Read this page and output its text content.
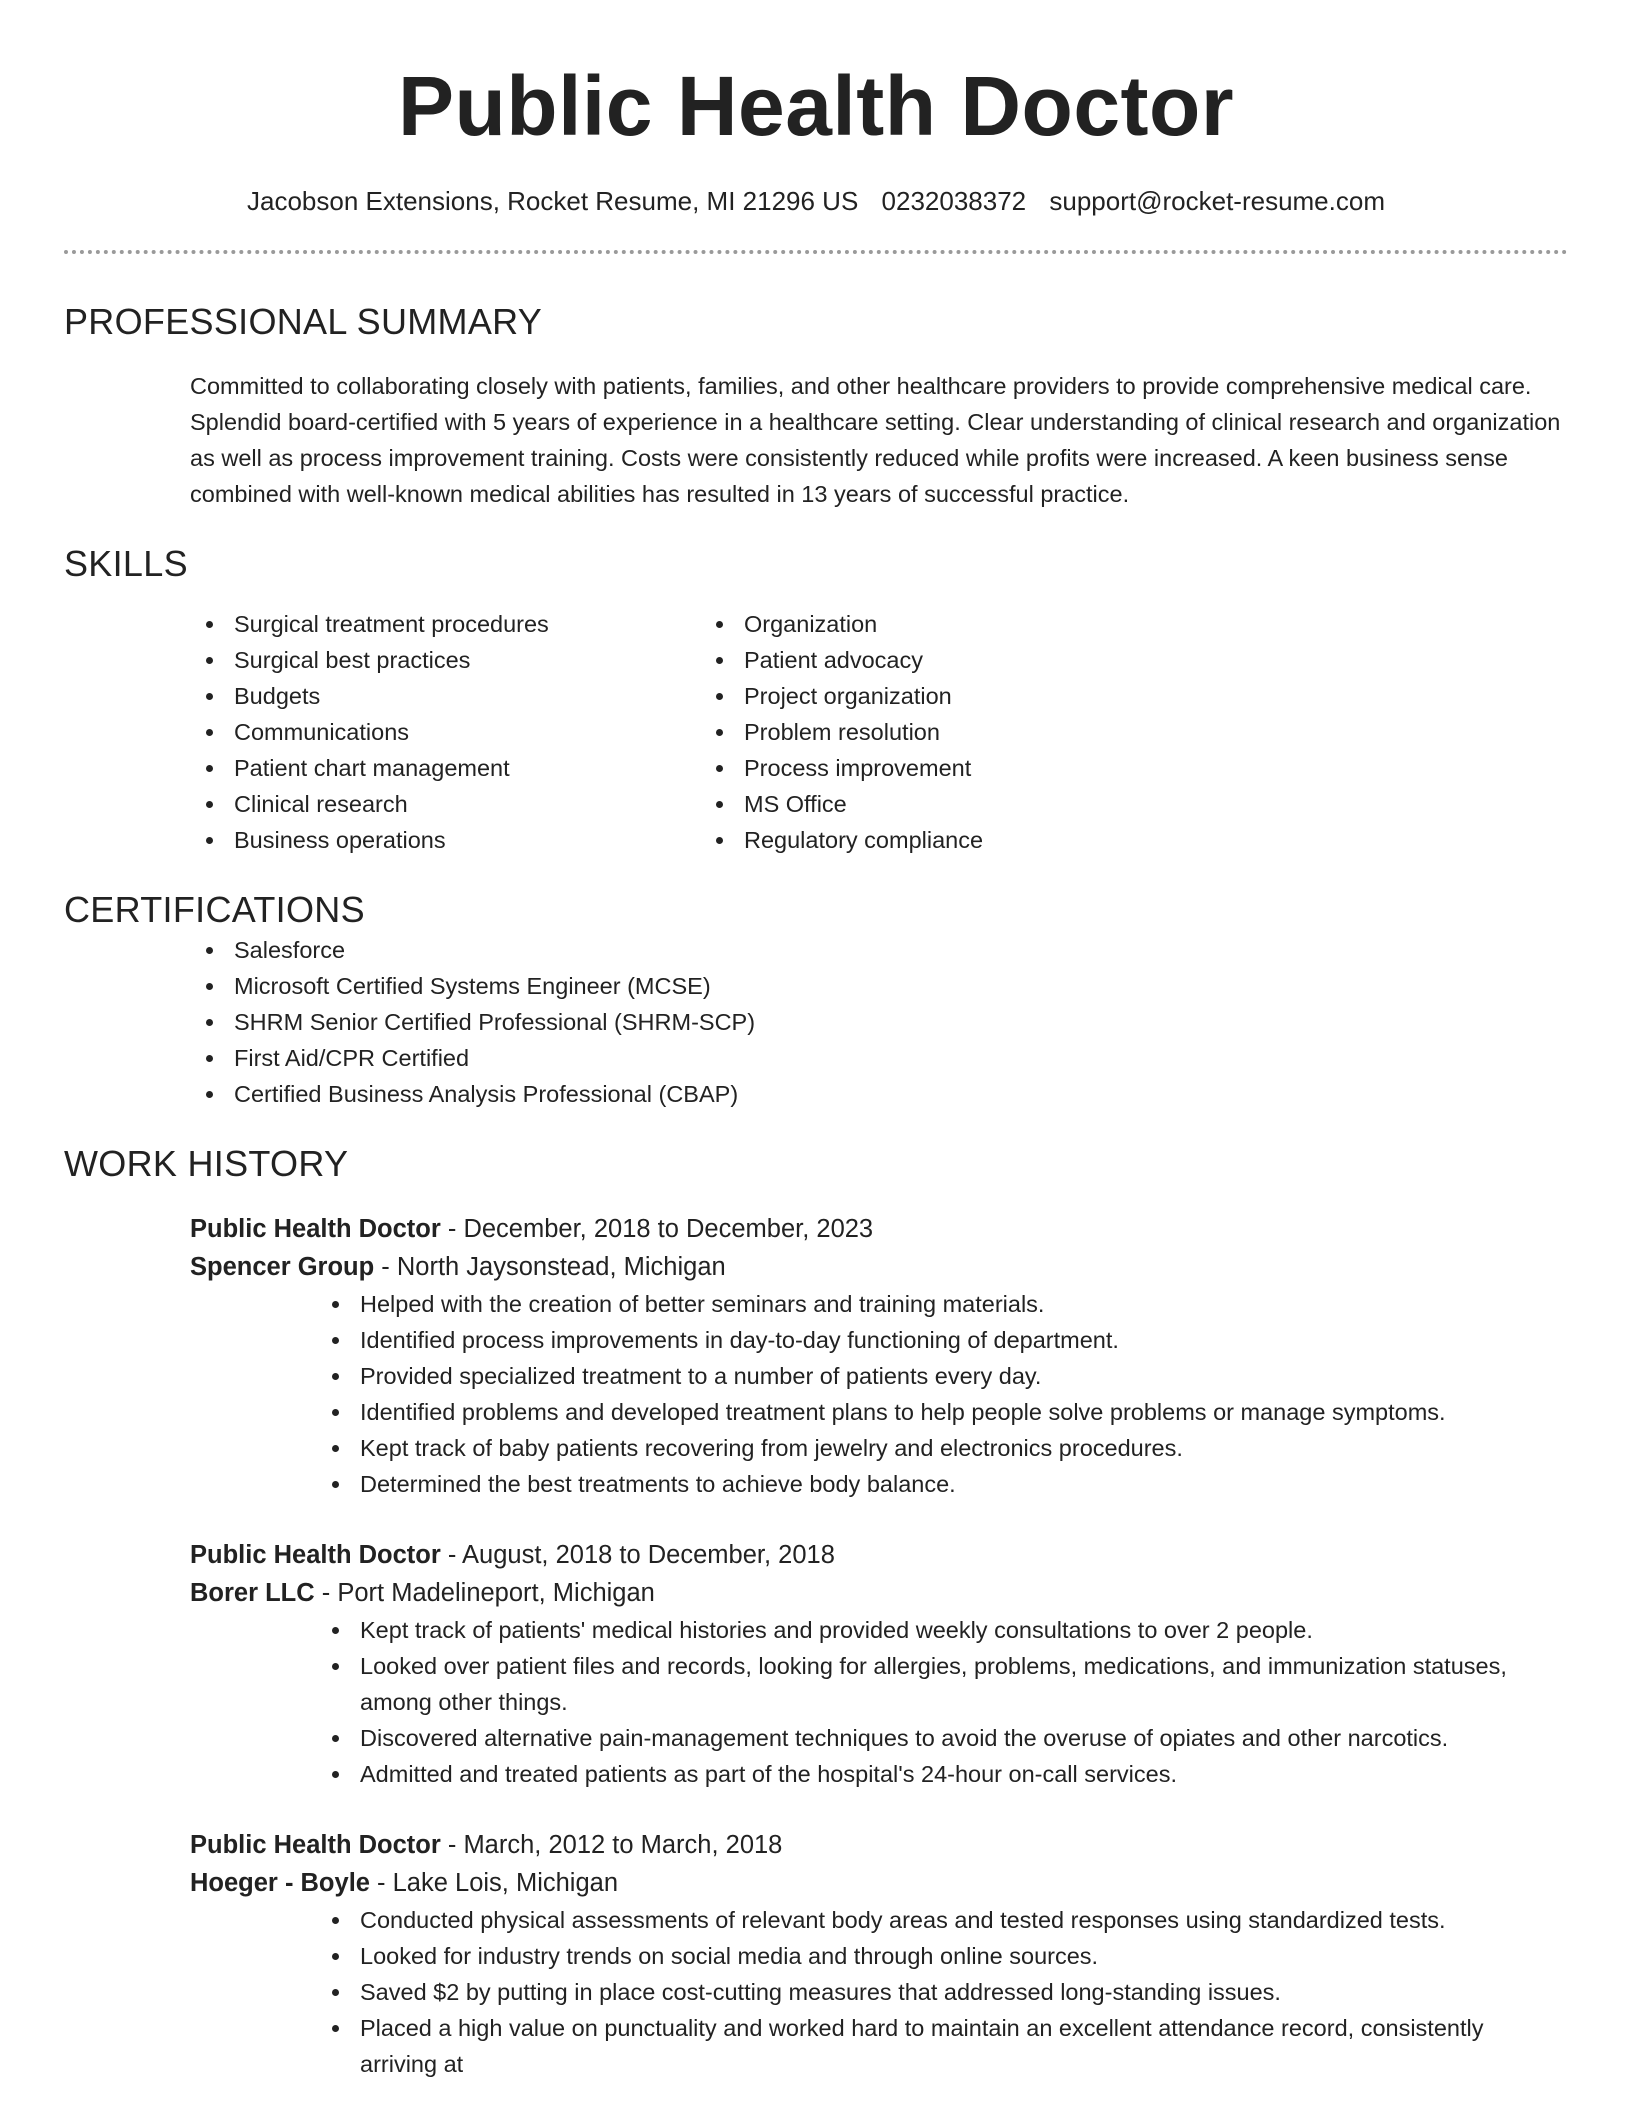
Public Health Doctor
Jacobson Extensions, Rocket Resume, MI 21296 US 0232038372 support@rocket-resume.com
PROFESSIONAL SUMMARY

Committed to collaborating closely with patients, families, and other healthcare providers to provide comprehensive medical care. Splendid board-certified with 5 years of experience in a healthcare setting. Clear understanding of clinical research and organization as well as process improvement training. Costs were consistently reduced while profits were increased. A keen business sense combined with well-known medical abilities has resulted in 13 years of successful practice.

SKILLS
Surgical treatment procedures
Surgical best practices
Budgets
Communications
Patient chart management
Clinical research
Business operations
Organization
Patient advocacy
Project organization
Problem resolution
Process improvement
MS Office
Regulatory compliance
CERTIFICATIONS
Salesforce
Microsoft Certified Systems Engineer (MCSE)
SHRM Senior Certified Professional (SHRM-SCP)
First Aid/CPR Certified
Certified Business Analysis Professional (CBAP)
WORK HISTORY
Public Health Doctor - December, 2018 to December, 2023
Spencer Group - North Jaysonstead, Michigan
Helped with the creation of better seminars and training materials.
Identified process improvements in day-to-day functioning of department.
Provided specialized treatment to a number of patients every day.
Identified problems and developed treatment plans to help people solve problems or manage symptoms.
Kept track of baby patients recovering from jewelry and electronics procedures.
Determined the best treatments to achieve body balance.
Public Health Doctor - August, 2018 to December, 2018
Borer LLC - Port Madelineport, Michigan
Kept track of patients' medical histories and provided weekly consultations to over 2 people.
Looked over patient files and records, looking for allergies, problems, medications, and immunization statuses, among other things.
Discovered alternative pain-management techniques to avoid the overuse of opiates and other narcotics.
Admitted and treated patients as part of the hospital's 24-hour on-call services.
Public Health Doctor - March, 2012 to March, 2018
Hoeger - Boyle - Lake Lois, Michigan
Conducted physical assessments of relevant body areas and tested responses using standardized tests.
Looked for industry trends on social media and through online sources.
Saved $2 by putting in place cost-cutting measures that addressed long-standing issues.
Placed a high value on punctuality and worked hard to maintain an excellent attendance record, consistently arriving at
